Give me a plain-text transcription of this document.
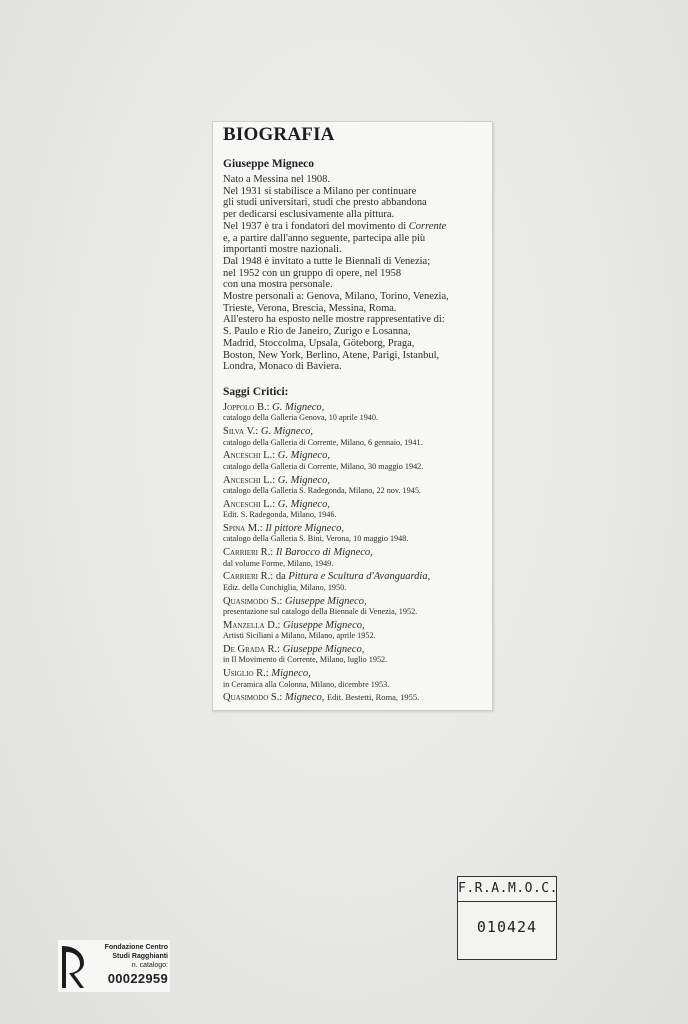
BIOGRAFIA
Giuseppe Migneco
Nato a Messina nel 1908.
Nel 1931 si stabilisce a Milano per continuare
gli studi universitari, studi che presto abbandona
per dedicarsi esclusivamente alla pittura.
Nel 1937 è tra i fondatori del movimento di Corrente
e, a partire dall'anno seguente, partecipa alle più
importanti mostre nazionali.
Dal 1948 è invitato a tutte le Biennali di Venezia;
nel 1952 con un gruppo di opere, nel 1958
con una mostra personale.
Mostre personali a: Genova, Milano, Torino, Venezia,
Trieste, Verona, Brescia, Messina, Roma.
All'estero ha esposto nelle mostre rappresentative di:
S. Paulo e Rio de Janeiro, Zurigo e Losanna,
Madrid, Stoccolma, Upsala, Göteborg, Praga,
Boston, New York, Berlino, Atene, Parigi, Istanbul,
Londra, Monaco di Baviera.
Saggi Critici:
Joppolo B.: G. Migneco,
catalogo della Galleria Genova, 10 aprile 1940.
Silva V.: G. Migneco,
catalogo della Galleria di Corrente, Milano, 6 gennaio, 1941.
Anceschi L.: G. Migneco,
catalogo della Galleria di Corrente, Milano, 30 maggio 1942.
Anceschi L.: G. Migneco,
catalogo della Galleria S. Radegonda, Milano, 22 nov. 1945.
Anceschi L.: G. Migneco,
Edit. S. Radegonda, Milano, 1946.
Spina M.: Il pittore Migneco,
catalogo della Galleria S. Bini, Verona, 10 maggio 1948.
Carrieri R.: Il Barocco di Migneco,
dal volume Forme, Milano, 1949.
Carrieri R.: da Pittura e Scultura d'Avanguardia,
Ediz. della Conchiglia, Milano, 1950.
Quasimodo S.: Giuseppe Migneco,
presentazione sul catalogo della Biennale di Venezia, 1952.
Manzella D.: Giuseppe Migneco,
Artisti Siciliani a Milano, Milano, aprile 1952.
De Grada R.: Giuseppe Migneco,
in Il Movimento di Corrente, Milano, luglio 1952.
Usiglio R.: Migneco,
in Ceramica alla Colonna, Milano, dicembre 1953.
Quasimodo S.: Migneco, Edit. Bestetti, Roma, 1955.
F.R.A.M.O.C.
010424
Fondazione Centro
Studi Ragghianti
n. catalogo:
00022959
